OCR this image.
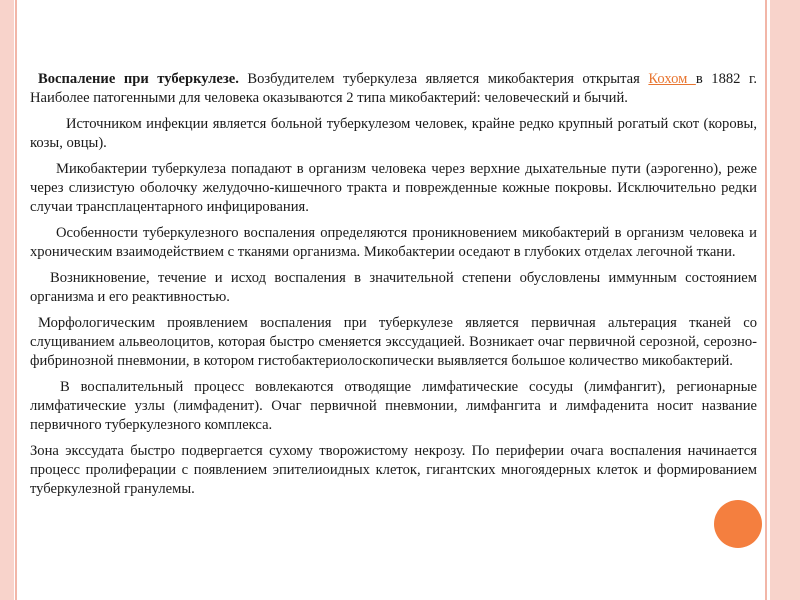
Воспаление при туберкулезе. Возбудителем туберкулеза является микобактерия открытая Кохом в 1882 г. Наиболее патогенными для человека оказываются 2 типа микобактерий: человеческий и бычий.

Источником инфекции является больной туберкулезом человек, крайне редко крупный рогатый скот (коровы, козы, овцы).

Микобактерии туберкулеза попадают в организм человека через верхние дыхательные пути (аэрогенно), реже через слизистую оболочку желудочно-кишечного тракта и поврежденные кожные покровы. Исключительно редки случаи трансплацентарного инфицирования.

Особенности туберкулезного воспаления определяются проникновением микобактерий в организм человека и хроническим взаимодействием с тканями организма. Микобактерии оседают в глубоких отделах легочной ткани.

Возникновение, течение и исход воспаления в значительной степени обусловлены иммунным состоянием организма и его реактивностью.

Морфологическим проявлением воспаления при туберкулезе является первичная альтерация тканей со слущиванием альвеолоцитов, которая быстро сменяется экссудацией. Возникает очаг первичной серозной, серозно-фибринозной пневмонии, в котором гистобактериолоскопически выявляется большое количество микобактерий.

В воспалительный процесс вовлекаются отводящие лимфатические сосуды (лимфангит), регионарные лимфатические узлы (лимфаденит). Очаг первичной пневмонии, лимфангита и лимфаденита носит название первичного туберкулезного комплекса.

Зона экссудата быстро подвергается сухому творожистому некрозу. По периферии очага воспаления начинается процесс пролиферации с появлением эпителиоидных клеток, гигантских многоядерных клеток и формированием туберкулезной гранулемы.
